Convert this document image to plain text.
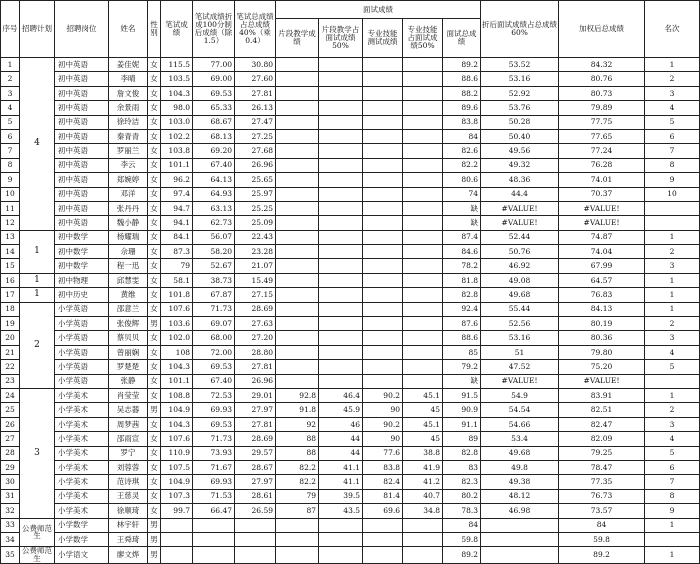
序号	招聘计划	招聘岗位	姓名	性别	笔试成绩	笔试成绩折成100分制后成绩（除1.5）	笔试总成绩占总成绩40%（乘0.4）	面试成绩					折后面试成绩占总成绩60%	加权后总成绩	名次
								片段教学成绩	片段教学占面试成绩50%	专业技能测试成绩	专业技能占面试成绩50%	面试总成绩			
1	4	初中英语	姜佳妮	女	115.5	77.00	30.80					89.2	53.52	84.32	1
2		初中英语	李晴	女	103.5	69.00	27.60					88.6	53.16	80.76	2
3		初中英语	詹文俊	女	104.3	69.53	27.81					88.2	52.92	80.73	3
4		初中英语	余景雨	女	98.0	65.33	26.13					89.6	53.76	79.89	4
5		初中英语	徐玲洁	女	103.0	68.67	27.47					83.8	50.28	77.75	5
6		初中英语	秦青青	女	102.2	68.13	27.25					84	50.40	77.65	6
7		初中英语	罗丽兰	女	103.8	69.20	27.68					82.6	49.56	77.24	7
8		初中英语	李云	女	101.1	67.40	26.96					82.2	49.32	76.28	8
9		初中英语	郑婉婷	女	96.2	64.13	25.65					80.6	48.36	74.01	9
10		初中英语	邓洋	女	97.4	64.93	25.97					74	44.4	70.37	10
11		初中英语	张丹丹	女	94.7	63.13	25.25					缺	#VALUE!	#VALUE!	
12		初中英语	魏小静	女	94.1	62.73	25.09					缺	#VALUE!	#VALUE!	
13	1	初中数学	杨耀瑞	女	84.1	56.07	22.43					87.4	52.44	74.87	1
14		初中数学	佘珊	女	87.3	58.20	23.28					84.6	50.76	74.04	2
15		初中数学	程一迅	女	79	52.67	21.07					78.2	46.92	67.99	3
16	1	初中物理	邱慧雯	女	58.1	38.73	15.49					81.8	49.08	64.57	1
17	1	初中历史	黄维	女	101.8	67.87	27.15					82.8	49.68	76.83	1
18	2	小学英语	邵意兰	女	107.6	71.73	28.69					92.4	55.44	84.13	1
19		小学英语	张俊辉	男	103.6	69.07	27.63					87.6	52.56	80.19	2
20		小学英语	蔡贝贝	女	102.0	68.00	27.20					88.6	53.16	80.36	3
21		小学英语	曾丽娴	女	108	72.00	28.80					85	51	79.80	4
22		小学英语	罗楚楚	女	104.3	69.53	27.81					79.2	47.52	75.20	5
23		小学英语	张静	女	101.1	67.40	26.96					缺	#VALUE!	#VALUE!	
24	3	小学美术	肖莹莹	女	108.8	72.53	29.01	92.8	46.4	90.2	45.1	91.5	54.9	83.91	1
25		小学美术	吴志器	男	104.9	69.93	27.97	91.8	45.9	90	45	90.9	54.54	82.51	2
26		小学美术	周梦茜	女	104.3	69.53	27.81	92	46	90.2	45.1	91.1	54.66	82.47	3
27		小学美术	邵雨宣	女	107.6	71.73	28.69	88	44	90	45	89	53.4	82.09	4
28		小学美术	罗宁	女	110.9	73.93	29.57	88	44	77.6	38.8	82.8	49.68	79.25	5
29		小学美术	刘蓉蓉	女	107.5	71.67	28.67	82.2	41.1	83.8	41.9	83	49.8	78.47	6
30		小学美术	范诗琪	女	104.9	69.93	27.97	82.2	41.1	82.4	41.2	82.3	49.38	77.35	7
31		小学美术	王慈灵	女	107.3	71.53	28.61	79	39.5	81.4	40.7	80.2	48.12	76.73	8
32		小学美术	徐顺琦	女	99.7	66.47	26.59	87	43.5	69.6	34.8	78.3	46.98	73.57	9
33	公费师范生	小学数学	林宇轩	男								84		84	1
34		小学数学	王舜琦	男								59.8		59.8	
35	公费师范生	小学语文	廖文烨	男								89.2		89.2	1
